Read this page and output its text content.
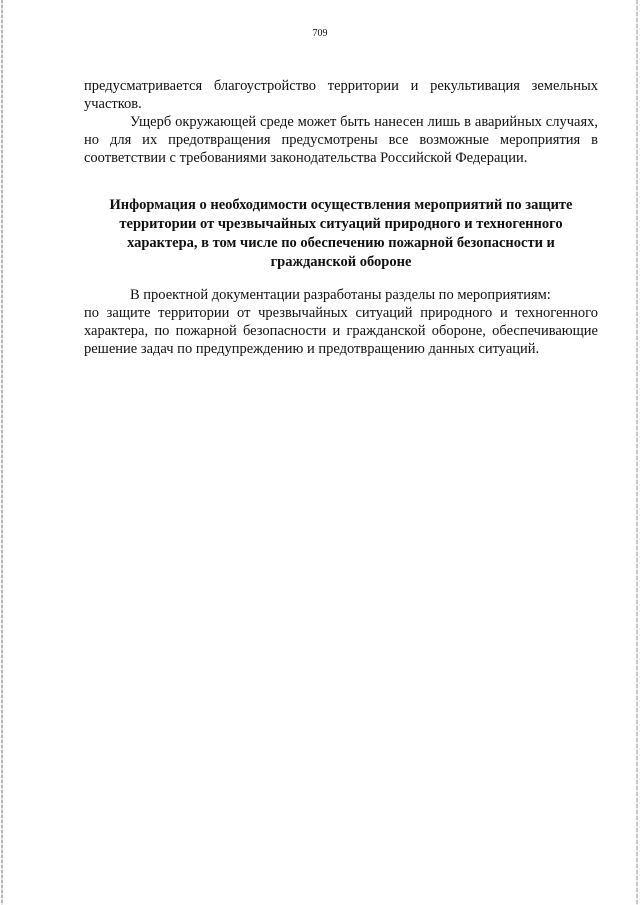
709

предусматривается благоустройство территории и рекультивация земельных участков.

Ущерб окружающей среде может быть нанесен лишь в аварийных случаях, но для их предотвращения предусмотрены все возможные мероприятия в соответствии с требованиями законодательства Российской Федерации.

Информация о необходимости осуществления мероприятий по защите территории от чрезвычайных ситуаций природного и техногенного характера, в том числе по обеспечению пожарной безопасности и гражданской обороне

В проектной документации разработаны разделы по мероприятиям:

по защите территории от чрезвычайных ситуаций природного и техногенного характера, по пожарной безопасности и гражданской обороне, обеспечивающие решение задач по предупреждению и предотвращению данных ситуаций.
